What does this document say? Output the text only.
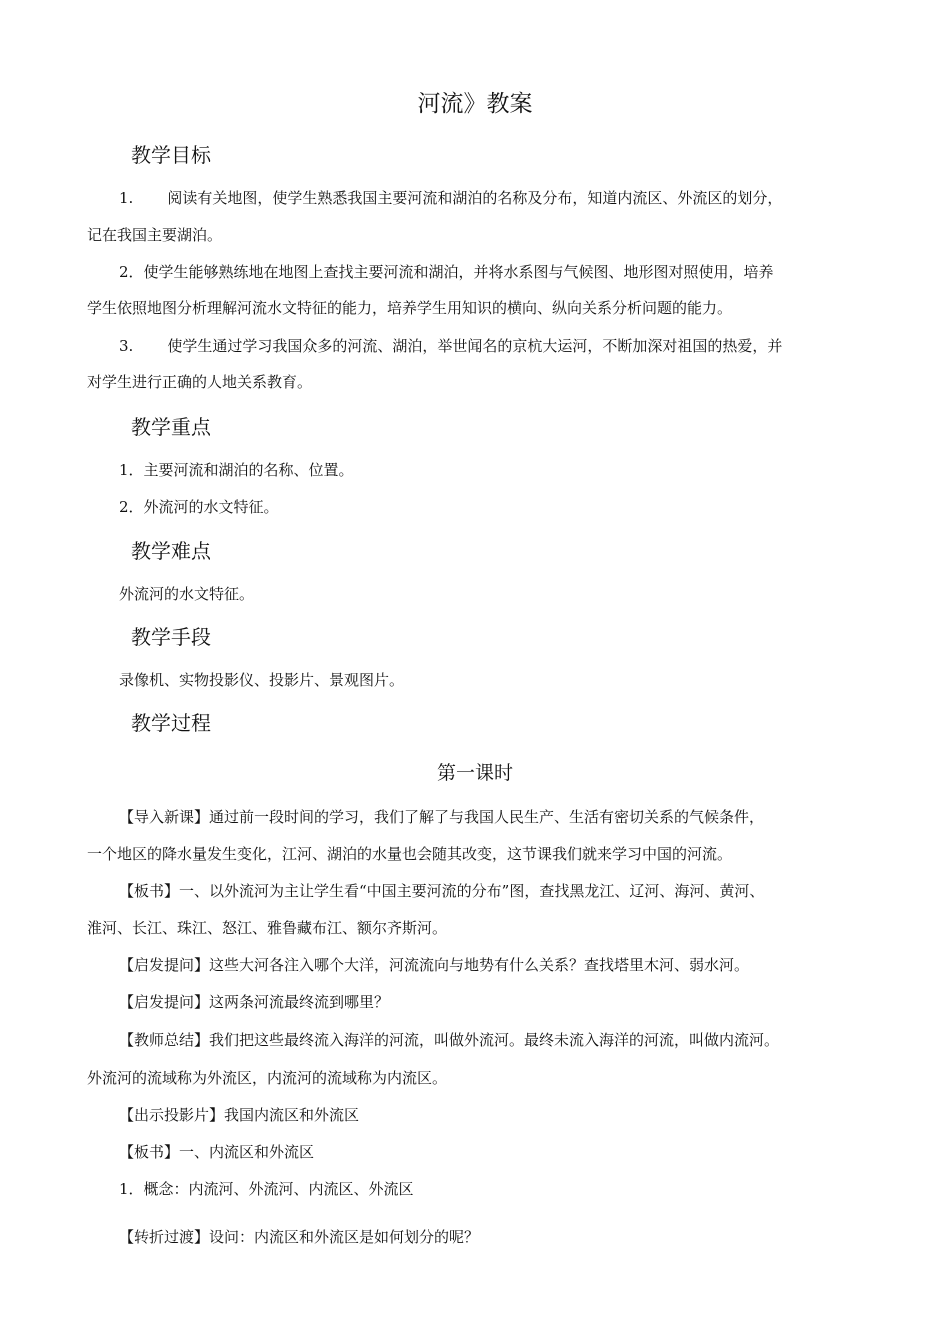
河流》教案
教学目标
1. 阅读有关地图，使学生熟悉我国主要河流和湖泊的名称及分布，知道内流区、外流区的划分，
记在我国主要湖泊。
2．使学生能够熟练地在地图上查找主要河流和湖泊，并将水系图与气候图、地形图对照使用，培养
学生依照地图分析理解河流水文特征的能力，培养学生用知识的横向、纵向关系分析问题的能力。
3. 使学生通过学习我国众多的河流、湖泊，举世闻名的京杭大运河，不断加深对祖国的热爱，并
对学生进行正确的人地关系教育。
教学重点
1．主要河流和湖泊的名称、位置。
2．外流河的水文特征。
教学难点
外流河的水文特征。
教学手段
录像机、实物投影仪、投影片、景观图片。
教学过程
第一课时
【导入新课】通过前一段时间的学习，我们了解了与我国人民生产、生活有密切关系的气候条件，
一个地区的降水量发生变化，江河、湖泊的水量也会随其改变，这节课我们就来学习中国的河流。
【板书】一、以外流河为主让学生看“中国主要河流的分布”图，查找黑龙江、辽河、海河、黄河、
淮河、长江、珠江、怒江、雅鲁藏布江、额尔齐斯河。
【启发提问】这些大河各注入哪个大洋，河流流向与地势有什么关系？查找塔里木河、弱水河。
【启发提问】这两条河流最终流到哪里？
【教师总结】我们把这些最终流入海洋的河流，叫做外流河。最终未流入海洋的河流，叫做内流河。
外流河的流域称为外流区，内流河的流域称为内流区。
【出示投影片】我国内流区和外流区
【板书】一、内流区和外流区
1．概念：内流河、外流河、内流区、外流区
【转折过渡】设问：内流区和外流区是如何划分的呢？
